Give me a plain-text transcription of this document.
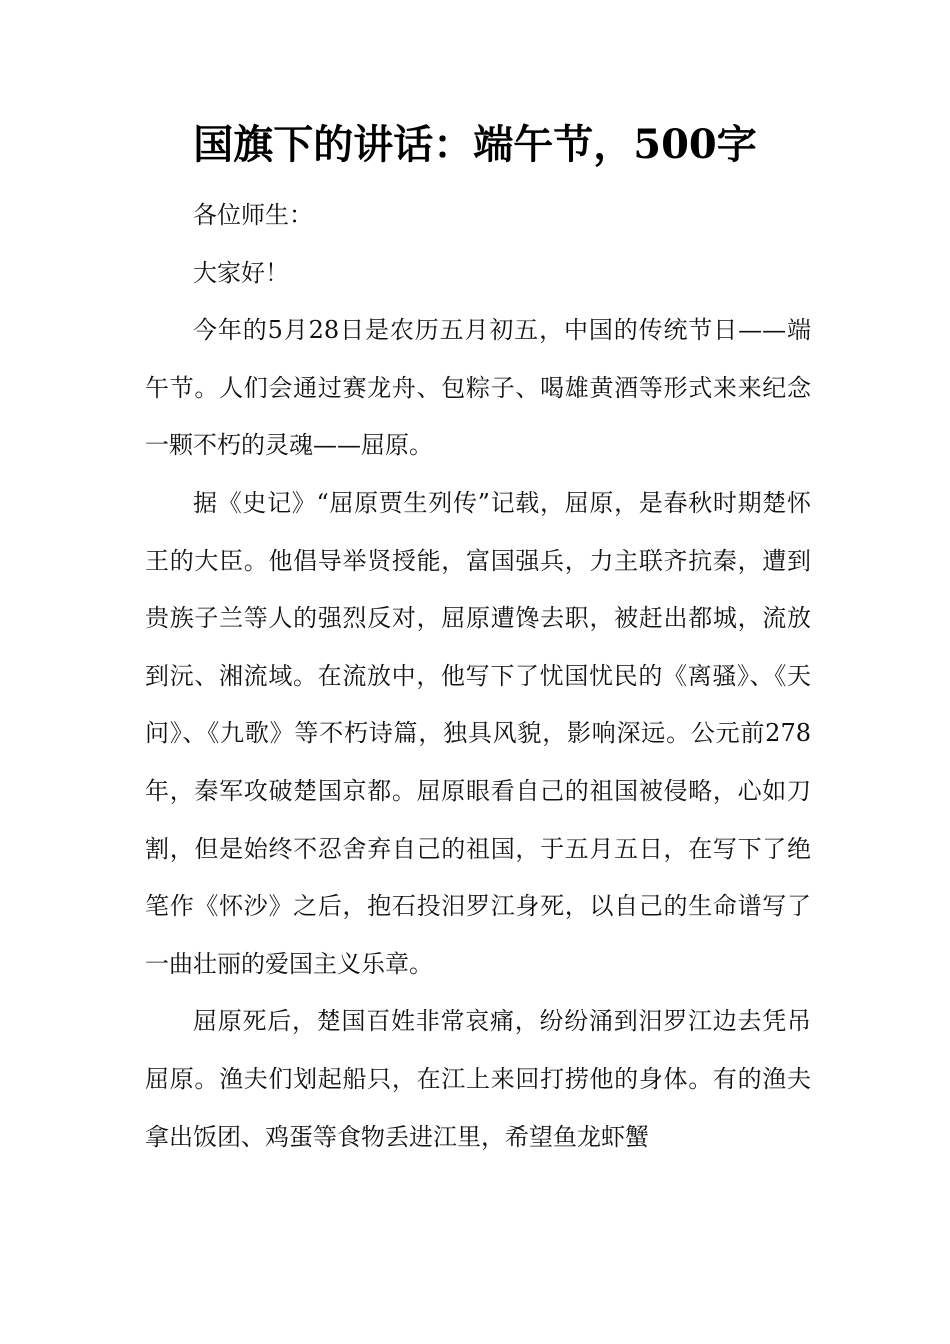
国旗下的讲话：端午节，500字

各位师生：

大家好！

今年的5月28日是农历五月初五，中国的传统节日——端午节。人们会通过赛龙舟、包粽子、喝雄黄酒等形式来来纪念一颗不朽的灵魂——屈原。

据《史记》“屈原贾生列传”记载，屈原，是春秋时期楚怀王的大臣。他倡导举贤授能，富国强兵，力主联齐抗秦，遭到贵族子兰等人的强烈反对，屈原遭馋去职，被赶出都城，流放到沅、湘流域。在流放中，他写下了忧国忧民的《离骚》、《天问》、《九歌》等不朽诗篇，独具风貌，影响深远。公元前278年，秦军攻破楚国京都。屈原眼看自己的祖国被侵略，心如刀割，但是始终不忍舍弃自己的祖国，于五月五日，在写下了绝笔作《怀沙》之后，抱石投汨罗江身死，以自己的生命谱写了一曲壮丽的爱国主义乐章。

屈原死后，楚国百姓非常哀痛，纷纷涌到汨罗江边去凭吊屈原。渔夫们划起船只，在江上来回打捞他的身体。有的渔夫拿出饭团、鸡蛋等食物丢进江里，希望鱼龙虾蟹
